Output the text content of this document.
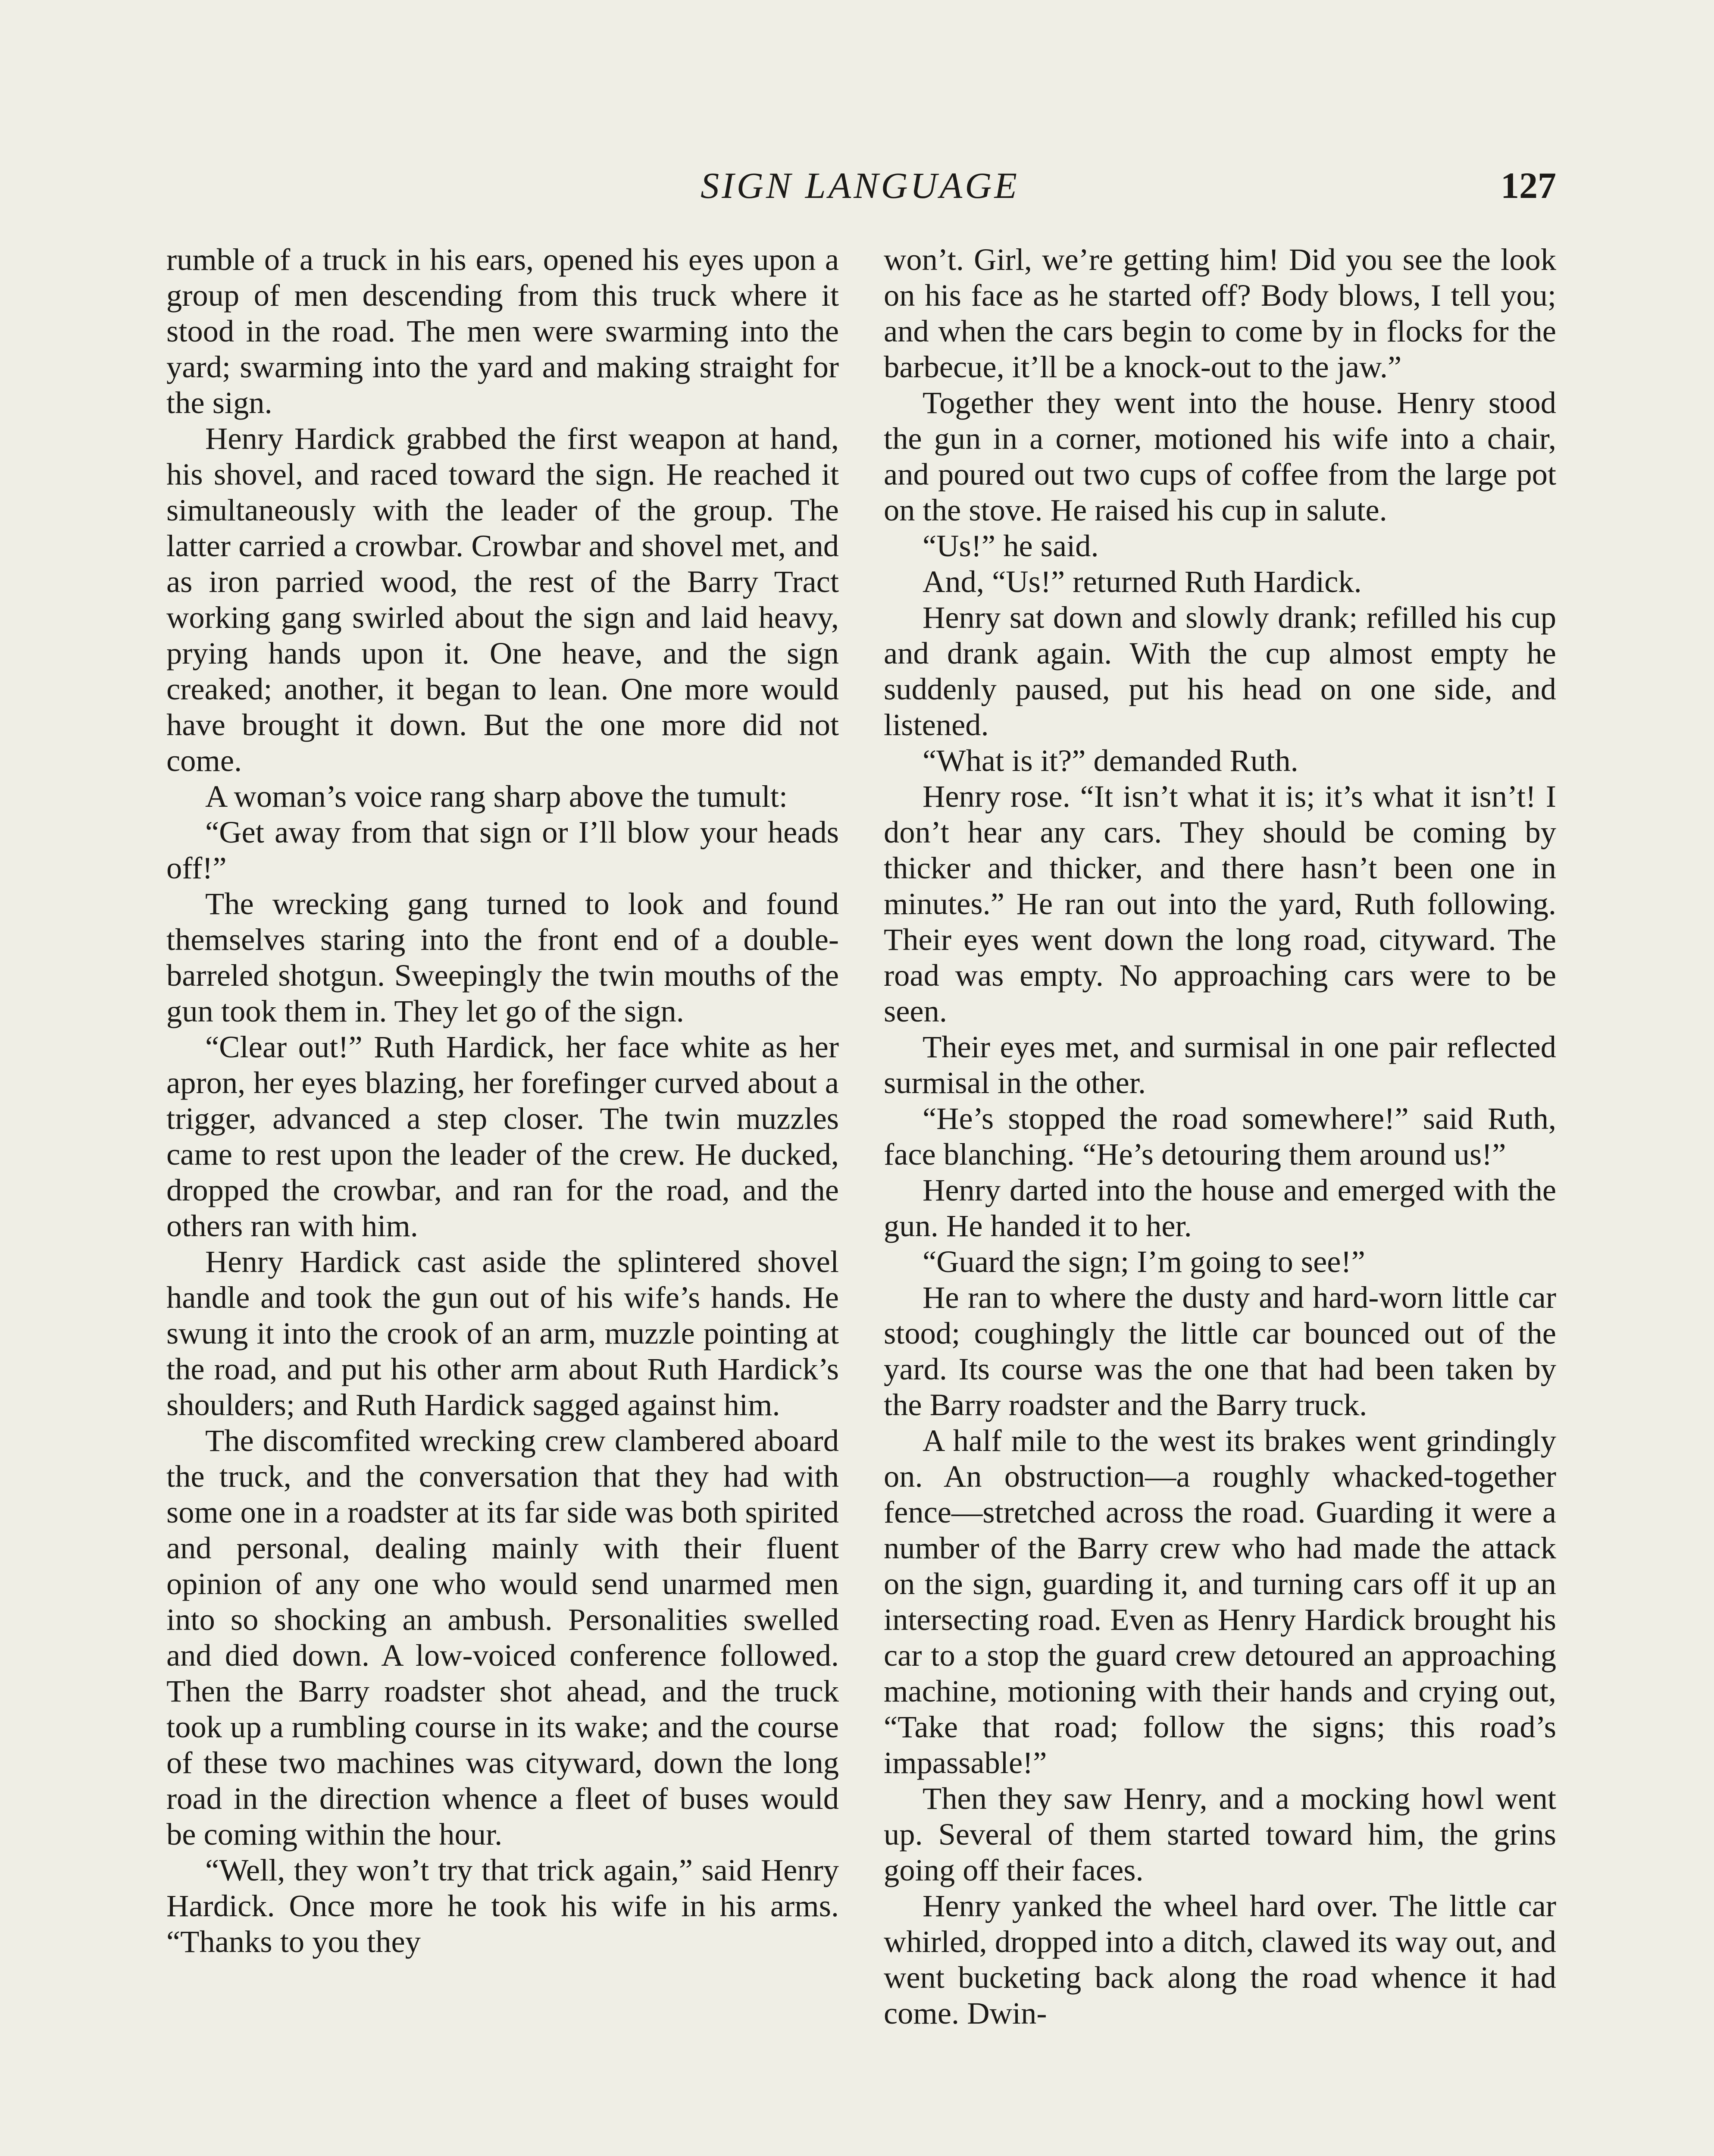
SIGN LANGUAGE	127

rumble of a truck in his ears, opened his eyes upon a group of men descending from this truck where it stood in the road. The men were swarming into the yard; swarming into the yard and making straight for the sign.

Henry Hardick grabbed the first weapon at hand, his shovel, and raced toward the sign. He reached it simultaneously with the leader of the group. The latter carried a crowbar. Crowbar and shovel met, and as iron parried wood, the rest of the Barry Tract working gang swirled about the sign and laid heavy, prying hands upon it. One heave, and the sign creaked; another, it began to lean. One more would have brought it down. But the one more did not come.

A woman’s voice rang sharp above the tumult:

“Get away from that sign or I’ll blow your heads off!”

The wrecking gang turned to look and found themselves staring into the front end of a double-barreled shotgun. Sweepingly the twin mouths of the gun took them in. They let go of the sign.

“Clear out!” Ruth Hardick, her face white as her apron, her eyes blazing, her forefinger curved about a trigger, advanced a step closer. The twin muzzles came to rest upon the leader of the crew. He ducked, dropped the crowbar, and ran for the road, and the others ran with him.

Henry Hardick cast aside the splintered shovel handle and took the gun out of his wife’s hands. He swung it into the crook of an arm, muzzle pointing at the road, and put his other arm about Ruth Hardick’s shoulders; and Ruth Hardick sagged against him.

The discomfited wrecking crew clambered aboard the truck, and the conversation that they had with some one in a roadster at its far side was both spirited and personal, dealing mainly with their fluent opinion of any one who would send unarmed men into so shocking an ambush. Personalities swelled and died down. A low-voiced conference followed. Then the Barry roadster shot ahead, and the truck took up a rumbling course in its wake; and the course of these two machines was cityward, down the long road in the direction whence a fleet of buses would be coming within the hour.

“Well, they won’t try that trick again,” said Henry Hardick. Once more he took his wife in his arms. “Thanks to you they

won’t. Girl, we’re getting him! Did you see the look on his face as he started off? Body blows, I tell you; and when the cars begin to come by in flocks for the barbecue, it’ll be a knock-out to the jaw.”

Together they went into the house. Henry stood the gun in a corner, motioned his wife into a chair, and poured out two cups of coffee from the large pot on the stove. He raised his cup in salute.

“Us!” he said.

And, “Us!” returned Ruth Hardick.

Henry sat down and slowly drank; refilled his cup and drank again. With the cup almost empty he suddenly paused, put his head on one side, and listened.

“What is it?” demanded Ruth.

Henry rose. “It isn’t what it is; it’s what it isn’t! I don’t hear any cars. They should be coming by thicker and thicker, and there hasn’t been one in minutes.” He ran out into the yard, Ruth following. Their eyes went down the long road, cityward. The road was empty. No approaching cars were to be seen.

Their eyes met, and surmisal in one pair reflected surmisal in the other.

“He’s stopped the road somewhere!” said Ruth, face blanching. “He’s detouring them around us!”

Henry darted into the house and emerged with the gun. He handed it to her.

“Guard the sign; I’m going to see!”

He ran to where the dusty and hard-worn little car stood; coughingly the little car bounced out of the yard. Its course was the one that had been taken by the Barry roadster and the Barry truck.

A half mile to the west its brakes went grindingly on. An obstruction—a roughly whacked-together fence—stretched across the road. Guarding it were a number of the Barry crew who had made the attack on the sign, guarding it, and turning cars off it up an intersecting road. Even as Henry Hardick brought his car to a stop the guard crew detoured an approaching machine, motioning with their hands and crying out, “Take that road; follow the signs; this road’s impassable!”

Then they saw Henry, and a mocking howl went up. Several of them started toward him, the grins going off their faces.

Henry yanked the wheel hard over. The little car whirled, dropped into a ditch, clawed its way out, and went bucketing back along the road whence it had come. Dwin-
